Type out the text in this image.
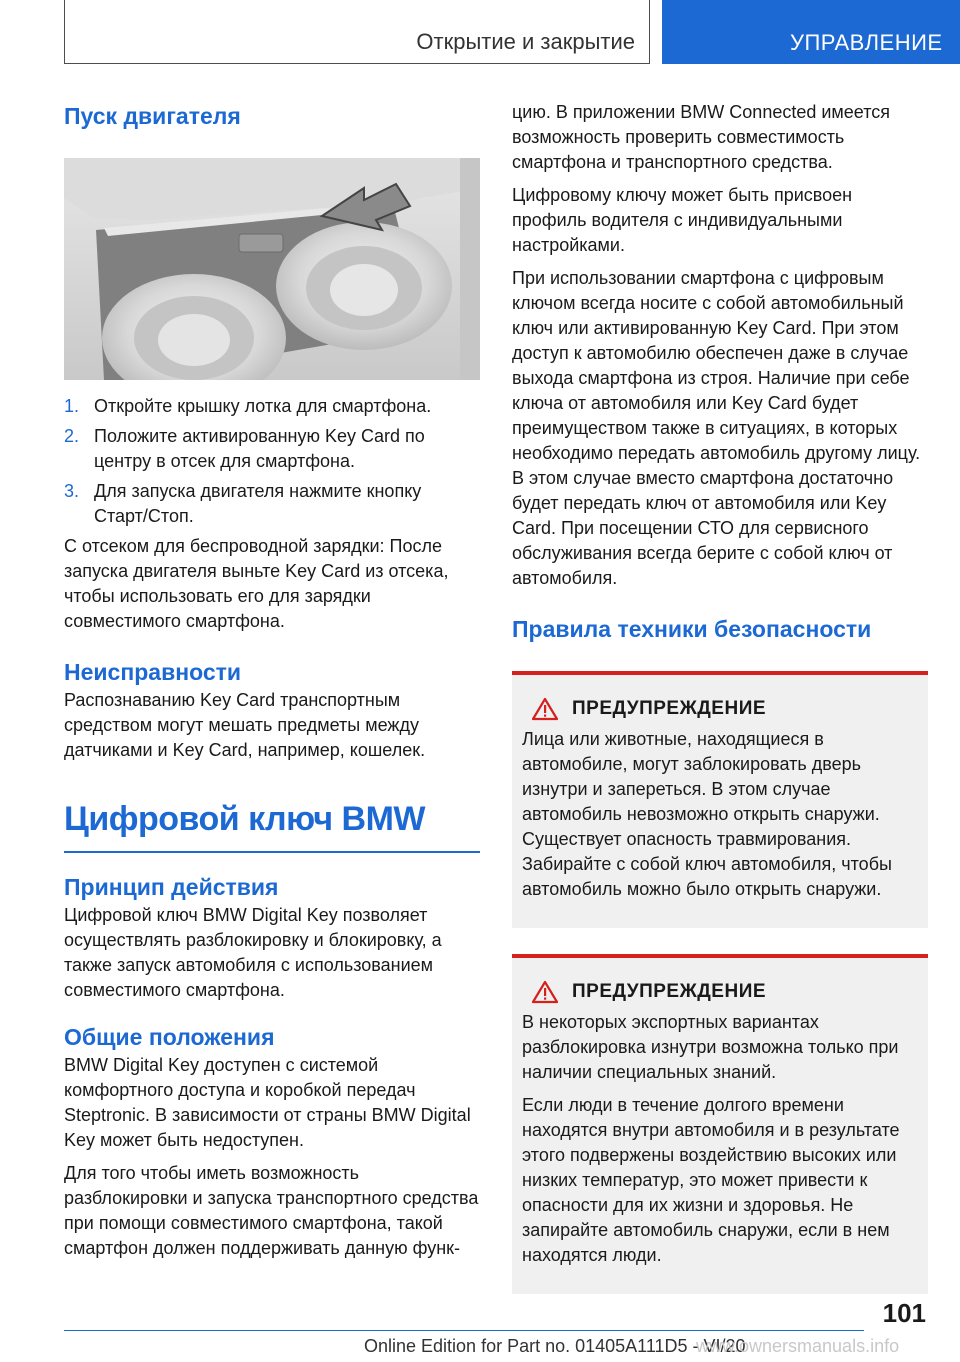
Открытие и закрытие	УПРАВЛЕНИЕ
Пуск двигателя
1. Откройте крышку лотка для смартфона.
2. Положите активированную Key Card по центру в отсек для смартфона.
3. Для запуска двигателя нажмите кнопку Старт/Стоп.

С отсеком для беспроводной зарядки: После запуска двигателя выньте Key Card из отсека, чтобы использовать его для зарядки совместимого смартфона.

Неисправности

Распознаванию Key Card транспортным средством могут мешать предметы между датчиками и Key Card, например, кошелек.

Цифровой ключ BMW
Принцип действия

Цифровой ключ BMW Digital Key позволяет осуществлять разблокировку и блокировку, а также запуск автомобиля с использованием совместимого смартфона.

Общие положения

BMW Digital Key доступен с системой комфортного доступа и коробкой передач Steptronic. В зависимости от страны BMW Digital Key может быть недоступен.

Для того чтобы иметь возможность разблокировки и запуска транспортного средства при помощи совместимого смартфона, такой смартфон должен поддерживать данную функ-

цию. В приложении BMW Connected имеется возможность проверить совместимость смартфона и транспортного средства.

Цифровому ключу может быть присвоен профиль водителя с индивидуальными настройками.

При использовании смартфона с цифровым ключом всегда носите с собой автомобильный ключ или активированную Key Card. При этом доступ к автомобилю обеспечен даже в случае выхода смартфона из строя. Наличие при себе ключа от автомобиля или Key Card будет преимуществом также в ситуациях, в которых необходимо передать автомобиль другому лицу. В этом случае вместо смартфона достаточно будет передать ключ от автомобиля или Key Card. При посещении СТО для сервисного обслуживания всегда берите с собой ключ от автомобиля.

Правила техники безопасности
ПРЕДУПРЕЖДЕНИЕ

Лица или животные, находящиеся в автомобиле, могут заблокировать дверь изнутри и запереться. В этом случае автомобиль невозможно открыть снаружи. Существует опасность травмирования. Забирайте с собой ключ автомобиля, чтобы автомобиль можно было открыть снаружи.

ПРЕДУПРЕЖДЕНИЕ

В некоторых экспортных вариантах разблокировка изнутри возможна только при наличии специальных знаний.

Если люди в течение долгого времени находятся внутри автомобиля и в результате этого подвержены воздействию высоких или низких температур, это может привести к опасности для их жизни и здоровья. Не запирайте автомобиль снаружи, если в нем находятся люди.

101
Online Edition for Part no. 01405A111D5 - VI/20
www.ownersmanuals.info
